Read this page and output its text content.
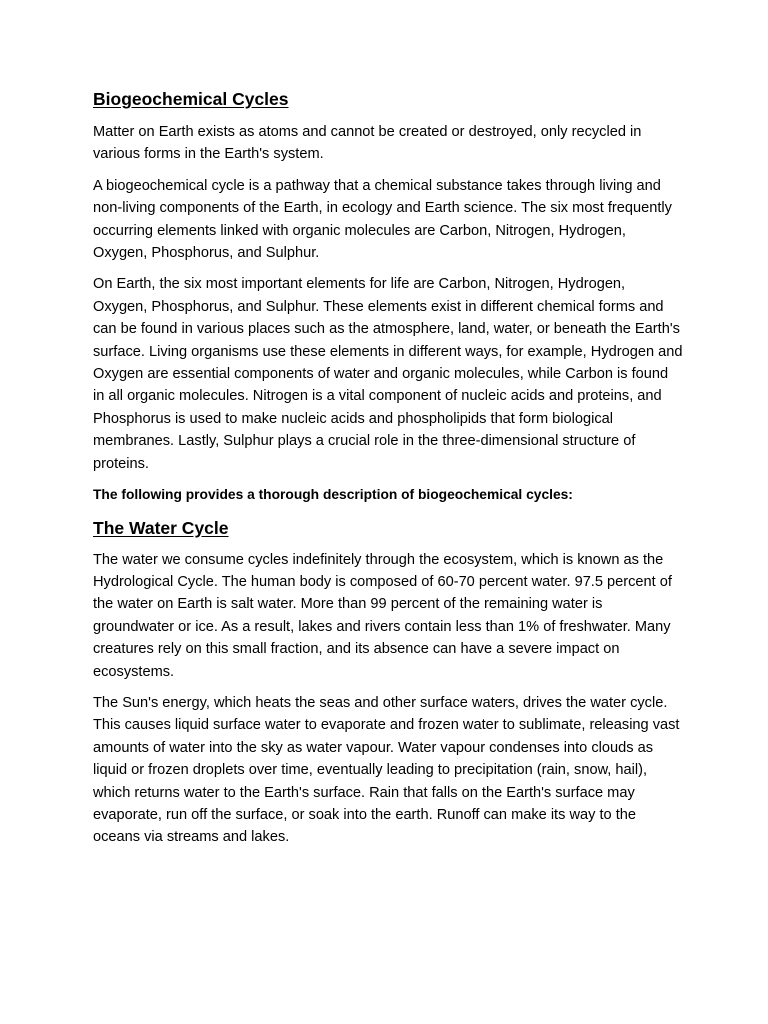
Biogeochemical Cycles

Matter on Earth exists as atoms and cannot be created or destroyed, only recycled in various forms in the Earth's system.

A biogeochemical cycle is a pathway that a chemical substance takes through living and non-living components of the Earth, in ecology and Earth science. The six most frequently occurring elements linked with organic molecules are Carbon, Nitrogen, Hydrogen, Oxygen, Phosphorus, and Sulphur.

On Earth, the six most important elements for life are Carbon, Nitrogen, Hydrogen, Oxygen, Phosphorus, and Sulphur. These elements exist in different chemical forms and can be found in various places such as the atmosphere, land, water, or beneath the Earth's surface. Living organisms use these elements in different ways, for example, Hydrogen and Oxygen are essential components of water and organic molecules, while Carbon is found in all organic molecules. Nitrogen is a vital component of nucleic acids and proteins, and Phosphorus is used to make nucleic acids and phospholipids that form biological membranes. Lastly, Sulphur plays a crucial role in the three-dimensional structure of proteins.

The following provides a thorough description of biogeochemical cycles:

The Water Cycle

The water we consume cycles indefinitely through the ecosystem, which is known as the Hydrological Cycle. The human body is composed of 60-70 percent water. 97.5 percent of the water on Earth is salt water. More than 99 percent of the remaining water is groundwater or ice. As a result, lakes and rivers contain less than 1% of freshwater. Many creatures rely on this small fraction, and its absence can have a severe impact on ecosystems.

The Sun's energy, which heats the seas and other surface waters, drives the water cycle. This causes liquid surface water to evaporate and frozen water to sublimate, releasing vast amounts of water into the sky as water vapour. Water vapour condenses into clouds as liquid or frozen droplets over time, eventually leading to precipitation (rain, snow, hail), which returns water to the Earth's surface. Rain that falls on the Earth's surface may evaporate, run off the surface, or soak into the earth. Runoff can make its way to the oceans via streams and lakes.
